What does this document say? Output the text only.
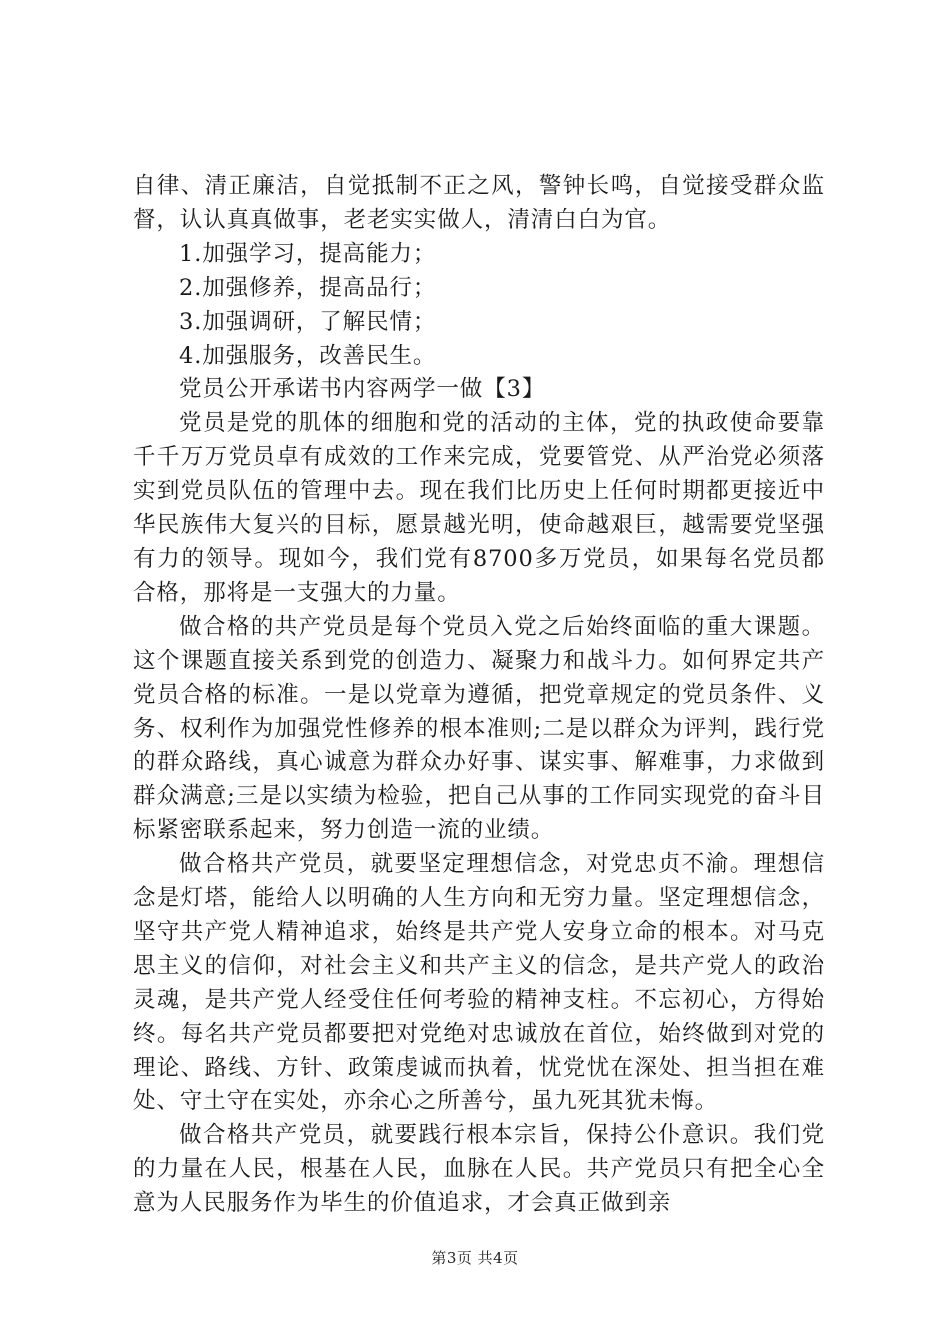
自律、清正廉洁，自觉抵制不正之风，警钟长鸣，自觉接受群众监督，认认真真做事，老老实实做人，清清白白为官。

1.加强学习，提高能力；

2.加强修养，提高品行；

3.加强调研，了解民情；

4.加强服务，改善民生。

党员公开承诺书内容两学一做【3】

党员是党的肌体的细胞和党的活动的主体，党的执政使命要靠千千万万党员卓有成效的工作来完成，党要管党、从严治党必须落实到党员队伍的管理中去。现在我们比历史上任何时期都更接近中华民族伟大复兴的目标，愿景越光明，使命越艰巨，越需要党坚强有力的领导。现如今，我们党有8700多万党员，如果每名党员都合格，那将是一支强大的力量。

做合格的共产党员是每个党员入党之后始终面临的重大课题。这个课题直接关系到党的创造力、凝聚力和战斗力。如何界定共产党员合格的标准。一是以党章为遵循，把党章规定的党员条件、义务、权利作为加强党性修养的根本准则;二是以群众为评判，践行党的群众路线，真心诚意为群众办好事、谋实事、解难事，力求做到群众满意;三是以实绩为检验，把自己从事的工作同实现党的奋斗目标紧密联系起来，努力创造一流的业绩。

做合格共产党员，就要坚定理想信念，对党忠贞不渝。理想信念是灯塔，能给人以明确的人生方向和无穷力量。坚定理想信念，坚守共产党人精神追求，始终是共产党人安身立命的根本。对马克思主义的信仰，对社会主义和共产主义的信念，是共产党人的政治灵魂，是共产党人经受住任何考验的精神支柱。不忘初心，方得始终。每名共产党员都要把对党绝对忠诚放在首位，始终做到对党的理论、路线、方针、政策虔诚而执着，忧党忧在深处、担当担在难处、守土守在实处，亦余心之所善兮，虽九死其犹未悔。

做合格共产党员，就要践行根本宗旨，保持公仆意识。我们党的力量在人民，根基在人民，血脉在人民。共产党员只有把全心全意为人民服务作为毕生的价值追求，才会真正做到亲

第3页 共4页
